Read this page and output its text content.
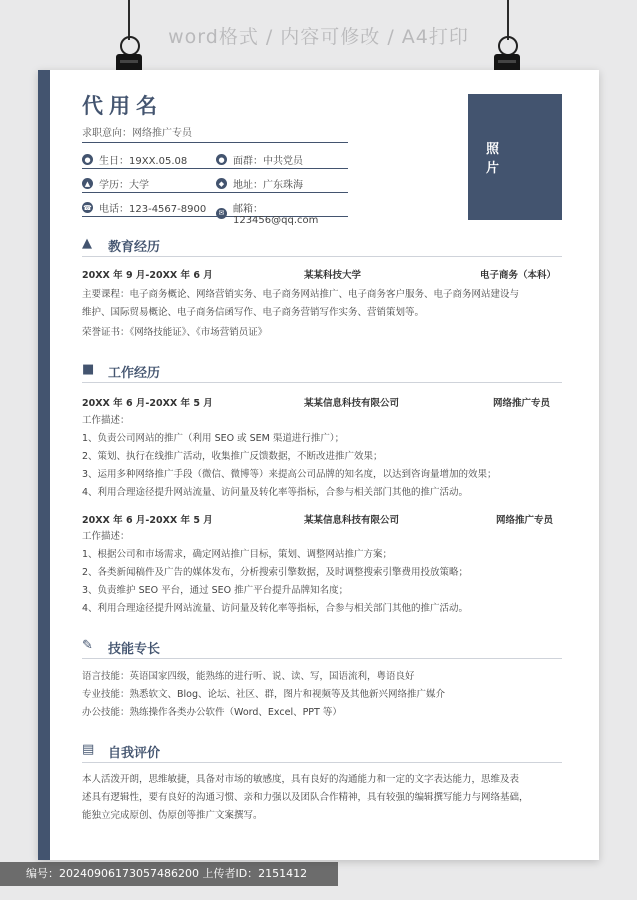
word格式 / 内容可修改 / A4打印
代用名
求职意向：网络推广专员
照 片
● 生日：19XX.05.08	● 面群：中共党员
▲ 学历：大学	◆ 地址：广东珠海
☎ 电话：123-4567-8900	✉ 邮箱：123456@qq.com
▲	教育经历
20XX 年 9 月-20XX 年 6 月	某某科技大学	电子商务（本科）
主要课程：电子商务概论、网络营销实务、电子商务网站推广、电子商务客户服务、电子商务网站建设与
维护、国际贸易概论、电子商务信函写作、电子商务营销写作实务、营销策划等。
荣誉证书：《网络技能证》、《市场营销员证》
■ 工作经历
20XX 年 6 月-20XX 年 5 月	某某信息科技有限公司	网络推广专员
工作描述：
1、负责公司网站的推广（利用 SEO 或 SEM 渠道进行推广）；
2、策划、执行在线推广活动，收集推广反馈数据，不断改进推广效果；
3、运用多种网络推广手段（微信、微博等）来提高公司品牌的知名度，以达到咨询量增加的效果；
4、利用合理途径提升网站流量、访问量及转化率等指标，合参与相关部门其他的推广活动。
20XX 年 6 月-20XX 年 5 月	某某信息科技有限公司	网络推广专员
工作描述：
1、根据公司和市场需求，确定网站推广目标，策划、调整网站推广方案；
2、各类新闻稿件及广告的媒体发布，分析搜索引擎数据，及时调整搜索引擎费用投放策略；
3、负责维护 SEO 平台，通过 SEO 推广平台提升品牌知名度；
4、利用合理途径提升网站流量、访问量及转化率等指标，合参与相关部门其他的推广活动。
✎	技能专长
语言技能：英语国家四级，能熟练的进行听、说、读、写，国语流利，粤语良好
专业技能：熟悉软文、Blog、论坛、社区、群，图片和视频等及其他新兴网络推广媒介
办公技能：熟练操作各类办公软件（Word、Excel、PPT 等）
▤ 自我评价
本人活泼开朗，思维敏捷，具备对市场的敏感度，具有良好的沟通能力和一定的文字表达能力，思维及表
述具有逻辑性，要有良好的沟通习惯、亲和力强以及团队合作精神，具有较强的编辑撰写能力与网络基础，
能独立完成原创、伪原创等推广文案撰写。
编号：20240906173057486200 上传者ID：2151412
